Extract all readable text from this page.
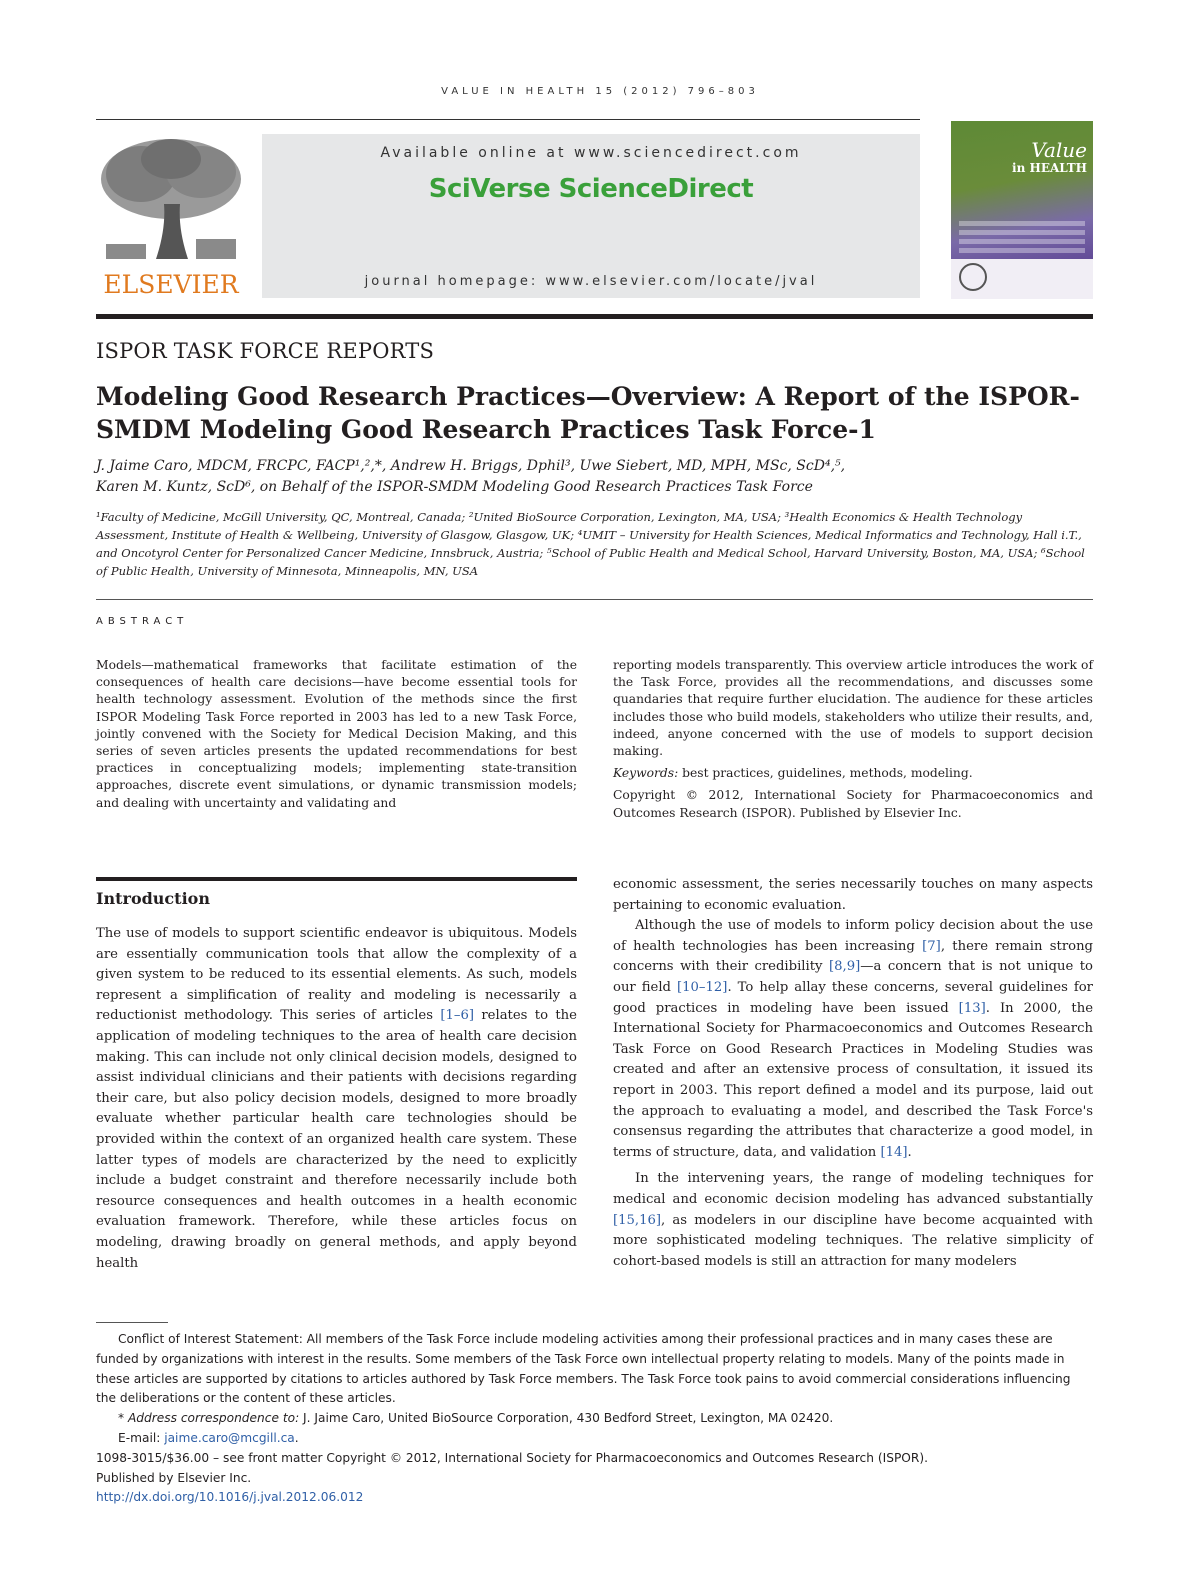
VALUE IN HEALTH 15 (2012) 796–803
ELSEVIER
Available online at www.sciencedirect.com
SciVerse ScienceDirect
journal homepage: www.elsevier.com/locate/jval
Value
in HEALTH
ISPOR TASK FORCE REPORTS
Modeling Good Research Practices—Overview: A Report of the ISPOR-SMDM Modeling Good Research Practices Task Force-1
J. Jaime Caro, MDCM, FRCPC, FACP¹,²,*, Andrew H. Briggs, Dphil³, Uwe Siebert, MD, MPH, MSc, ScD⁴,⁵,
Karen M. Kuntz, ScD⁶, on Behalf of the ISPOR-SMDM Modeling Good Research Practices Task Force
¹Faculty of Medicine, McGill University, QC, Montreal, Canada; ²United BioSource Corporation, Lexington, MA, USA; ³Health Economics & Health Technology Assessment, Institute of Health & Wellbeing, University of Glasgow, Glasgow, UK; ⁴UMIT – University for Health Sciences, Medical Informatics and Technology, Hall i.T., and Oncotyrol Center for Personalized Cancer Medicine, Innsbruck, Austria; ⁵School of Public Health and Medical School, Harvard University, Boston, MA, USA; ⁶School of Public Health, University of Minnesota, Minneapolis, MN, USA
ABSTRACT
Models—mathematical frameworks that facilitate estimation of the consequences of health care decisions—have become essential tools for health technology assessment. Evolution of the methods since the first ISPOR Modeling Task Force reported in 2003 has led to a new Task Force, jointly convened with the Society for Medical Decision Making, and this series of seven articles presents the updated recommendations for best practices in conceptualizing models; implementing state-transition approaches, discrete event simulations, or dynamic transmission models; and dealing with uncertainty and validating and

reporting models transparently. This overview article introduces the work of the Task Force, provides all the recommendations, and discusses some quandaries that require further elucidation. The audience for these articles includes those who build models, stakeholders who utilize their results, and, indeed, anyone concerned with the use of models to support decision making.

Keywords: best practices, guidelines, methods, modeling.

Copyright © 2012, International Society for Pharmacoeconomics and Outcomes Research (ISPOR). Published by Elsevier Inc.

Introduction

The use of models to support scientific endeavor is ubiquitous. Models are essentially communication tools that allow the complexity of a given system to be reduced to its essential elements. As such, models represent a simplification of reality and modeling is necessarily a reductionist methodology. This series of articles [1–6] relates to the application of modeling techniques to the area of health care decision making. This can include not only clinical decision models, designed to assist individual clinicians and their patients with decisions regarding their care, but also policy decision models, designed to more broadly evaluate whether particular health care technologies should be provided within the context of an organized health care system. These latter types of models are characterized by the need to explicitly include a budget constraint and therefore necessarily include both resource consequences and health outcomes in a health economic evaluation framework. Therefore, while these articles focus on modeling, drawing broadly on general methods, and apply beyond health

economic assessment, the series necessarily touches on many aspects pertaining to economic evaluation.

Although the use of models to inform policy decision about the use of health technologies has been increasing [7], there remain strong concerns with their credibility [8,9]—a concern that is not unique to our field [10–12]. To help allay these concerns, several guidelines for good practices in modeling have been issued [13]. In 2000, the International Society for Pharmacoeconomics and Outcomes Research Task Force on Good Research Practices in Modeling Studies was created and after an extensive process of consultation, it issued its report in 2003. This report defined a model and its purpose, laid out the approach to evaluating a model, and described the Task Force's consensus regarding the attributes that characterize a good model, in terms of structure, data, and validation [14].

In the intervening years, the range of modeling techniques for medical and economic decision modeling has advanced substantially [15,16], as modelers in our discipline have become acquainted with more sophisticated modeling techniques. The relative simplicity of cohort-based models is still an attraction for many modelers

Conflict of Interest Statement: All members of the Task Force include modeling activities among their professional practices and in many cases these are funded by organizations with interest in the results. Some members of the Task Force own intellectual property relating to models. Many of the points made in these articles are supported by citations to articles authored by Task Force members. The Task Force took pains to avoid commercial considerations influencing the deliberations or the content of these articles.

* Address correspondence to: J. Jaime Caro, United BioSource Corporation, 430 Bedford Street, Lexington, MA 02420.

E-mail: jaime.caro@mcgill.ca.

1098-3015/$36.00 – see front matter Copyright © 2012, International Society for Pharmacoeconomics and Outcomes Research (ISPOR).

Published by Elsevier Inc.

http://dx.doi.org/10.1016/j.jval.2012.06.012
